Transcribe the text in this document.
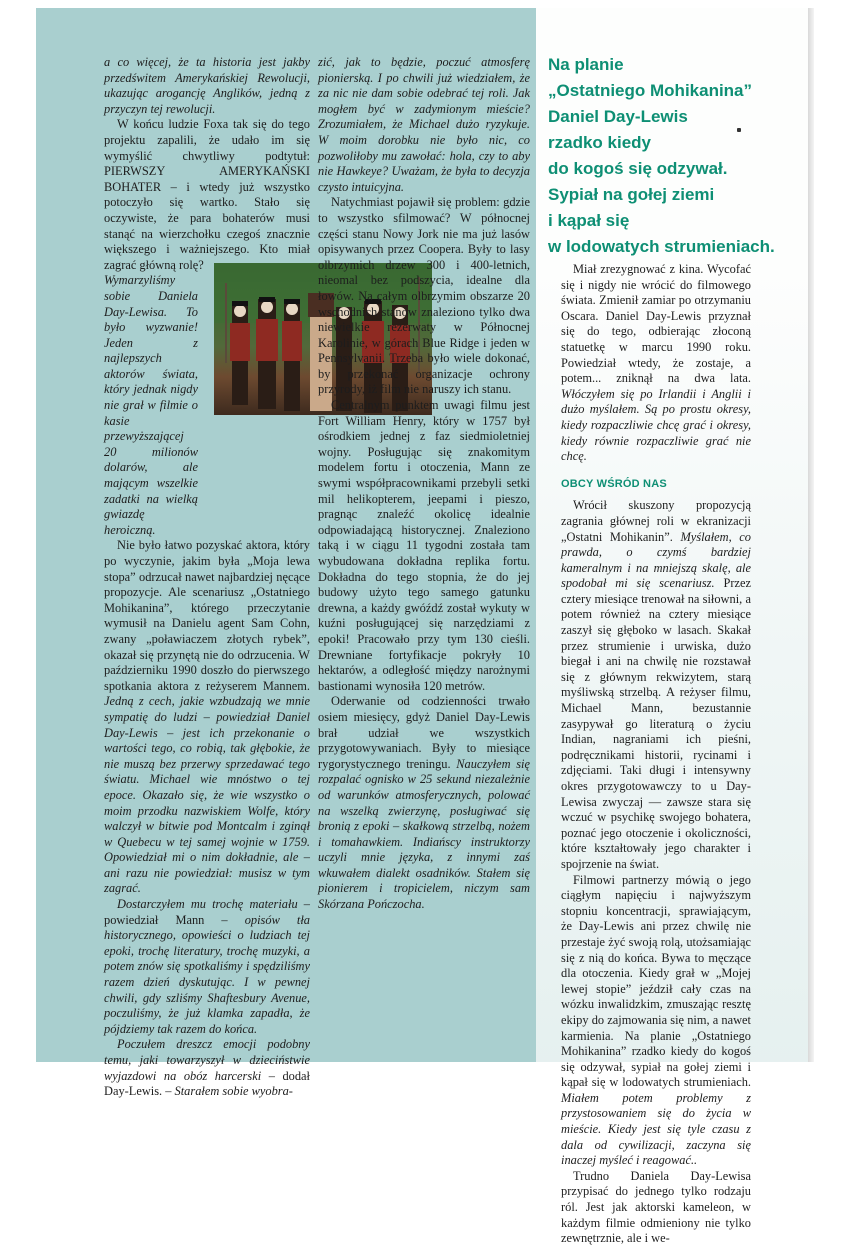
Na planie
„Ostatniego Mohikanina”
Daniel Day-Lewis
rzadko kiedy
do kogoś się odzywał.
Sypiał na gołej ziemi
i kąpał się
w lodowatych strumieniach.

a co więcej, że ta historia jest jakby przedświtem Amerykańskiej Rewolucji, ukazując arogancję Anglików, jedną z przyczyn tej rewolucji.

W końcu ludzie Foxa tak się do tego projektu zapalili, że udało im się wymyślić chwytliwy podtytuł: PIERWSZY AMERYKAŃSKI BOHATER – i wtedy już wszystko potoczyło się wartko. Stało się oczywiste, że para bohaterów musi stanąć na wierzchołku czegoś znacznie większego i ważniejszego. Kto miał zagrać główną rolę?

Wymarzyliśmy sobie Daniela Day-Lewisa. To było wyzwanie! Jeden z najlepszych aktorów świata, który jednak nigdy nie grał w filmie o kasie przewyższającej 20 milionów dolarów, ale mającym wszelkie zadatki na wielką gwiazdę heroiczną.

Nie było łatwo pozyskać aktora, który po wyczynie, jakim była „Moja lewa stopa” odrzucał nawet najbardziej nęcące propozycje. Ale scenariusz „Ostatniego Mohikanina”, którego przeczytanie wymusił na Danielu agent Sam Cohn, zwany „poławiaczem złotych rybek”, okazał się przynętą nie do odrzucenia. W październiku 1990 doszło do pierwszego spotkania aktora z reżyserem Mannem. Jedną z cech, jakie wzbudzają we mnie sympatię do ludzi – powiedział Daniel Day-Lewis – jest ich przekonanie o wartości tego, co robią, tak głębokie, że nie muszą bez przerwy sprzedawać tego światu. Michael wie mnóstwo o tej epoce. Okazało się, że wie wszystko o moim przodku nazwiskiem Wolfe, który walczył w bitwie pod Montcalm i zginął w Quebecu w tej samej wojnie w 1759. Opowiedział mi o nim dokładnie, ale – ani razu nie powiedział: musisz w tym zagrać.

Dostarczyłem mu trochę materiału – powiedział Mann – opisów tła historycznego, opowieści o ludziach tej epoki, trochę literatury, trochę muzyki, a potem znów się spotkaliśmy i spędziliśmy razem dzień dyskutując. I w pewnej chwili, gdy szliśmy Shaftesbury Avenue, poczuliśmy, że już klamka zapadła, że pójdziemy tak razem do końca.

Poczułem dreszcz emocji podobny temu, jaki towarzyszył w dzieciństwie wyjazdowi na obóz harcerski – dodał Day-Lewis. – Starałem sobie wyobra-

zić, jak to będzie, poczuć atmosferę pionierską. I po chwili już wiedziałem, że za nic nie dam sobie odebrać tej roli. Jak mogłem być w zadymionym mieście? Zrozumiałem, że Michael dużo ryzykuje. W moim dorobku nie było nic, co pozwoliłoby mu zawołać: hola, czy to aby nie Hawkeye? Uważam, że była to decyzja czysto intuicyjna.

Natychmiast pojawił się problem: gdzie to wszystko sfilmować? W północnej części stanu Nowy Jork nie ma już lasów opisywanych przez Coopera. Były to lasy olbrzymich drzew 300 i 400-letnich, nieomal bez podszycia, idealne dla łowów. Na całym olbrzymim obszarze 20 wschodnich stanów znaleziono tylko dwa niewielkie rezerwaty w Północnej Karolinie, w górach Blue Ridge i jeden w Pennsylvanii. Trzeba było wiele dokonać, by przekonać organizacje ochrony przyrody, iż film nie naruszy ich stanu.

Centralnym punktem uwagi filmu jest Fort William Henry, który w 1757 był ośrodkiem jednej z faz siedmioletniej wojny. Posługując się znakomitym modelem fortu i otoczenia, Mann ze swymi współpracownikami przebyli setki mil helikopterem, jeepami i pieszo, pragnąc znaleźć okolicę idealnie odpowiadającą historycznej. Znaleziono taką i w ciągu 11 tygodni została tam wybudowana dokładna replika fortu. Dokładna do tego stopnia, że do jej budowy użyto tego samego gatunku drewna, a każdy gwóźdź został wykuty w kuźni posługującej się narzędziami z epoki! Pracowało przy tym 130 cieśli. Drewniane fortyfikacje pokryły 10 hektarów, a odległość między narożnymi bastionami wynosiła 120 metrów.

Oderwanie od codzienności trwało osiem miesięcy, gdyż Daniel Day-Lewis brał udział we wszystkich przygotowywaniach. Były to miesiące rygorystycznego treningu. Nauczyłem się rozpalać ognisko w 25 sekund niezależnie od warunków atmosferycznych, polować na wszelką zwierzynę, posługiwać się bronią z epoki – skałkową strzelbą, nożem i tomahawkiem. Indiańscy instruktorzy uczyli mnie języka, z innymi zaś wkuwałem dialekt osadników. Stałem się pionierem i tropicielem, niczym sam Skórzana Pończocha.

Miał zrezygnować z kina. Wycofać się i nigdy nie wrócić do filmowego świata. Zmienił zamiar po otrzymaniu Oscara. Daniel Day-Lewis przyznał się do tego, odbierając złoconą statuetkę w marcu 1990 roku. Powiedział wtedy, że zostaje, a potem... zniknął na dwa lata. Włóczyłem się po Irlandii i Anglii i dużo myślałem. Są po prostu okresy, kiedy rozpaczliwie chcę grać i okresy, kiedy równie rozpaczliwie grać nie chcę.

OBCY WŚRÓD NAS

Wrócił skuszony propozycją zagrania głównej roli w ekranizacji „Ostatni Mohikanin”. Myślałem, co prawda, o czymś bardziej kameralnym i na mniejszą skalę, ale spodobał mi się scenariusz. Przez cztery miesiące trenował na siłowni, a potem również na cztery miesiące zaszył się głęboko w lasach. Skakał przez strumienie i urwiska, dużo biegał i ani na chwilę nie rozstawał się z głównym rekwizytem, starą myśliwską strzelbą. A reżyser filmu, Michael Mann, bezustannie zasypywał go literaturą o życiu Indian, nagraniami ich pieśni, podręcznikami historii, rycinami i zdjęciami. Taki długi i intensywny okres przygotowawczy to u Day-Lewisa zwyczaj — zawsze stara się wczuć w psychikę swojego bohatera, poznać jego otoczenie i okoliczności, które kształtowały jego charakter i spojrzenie na świat.

Filmowi partnerzy mówią o jego ciągłym napięciu i najwyższym stopniu koncentracji, sprawiającym, że Day-Lewis ani przez chwilę nie przestaje żyć swoją rolą, utożsamiając się z nią do końca. Bywa to męczące dla otoczenia. Kiedy grał w „Mojej lewej stopie” jeździł cały czas na wózku inwalidzkim, zmuszając resztę ekipy do zajmowania się nim, a nawet karmienia. Na planie „Ostatniego Mohikanina” rzadko kiedy do kogoś się odzywał, sypiał na gołej ziemi i kąpał się w lodowatych strumieniach. Miałem potem problemy z przystosowaniem się do życia w mieście. Kiedy jest się tyle czasu z dala od cywilizacji, zaczyna się inaczej myśleć i reagować..

Trudno Daniela Day-Lewisa przypisać do jednego tylko rodzaju ról. Jest jak aktorski kameleon, w każdym filmie odmieniony nie tylko zewnętrznie, ale i we-
